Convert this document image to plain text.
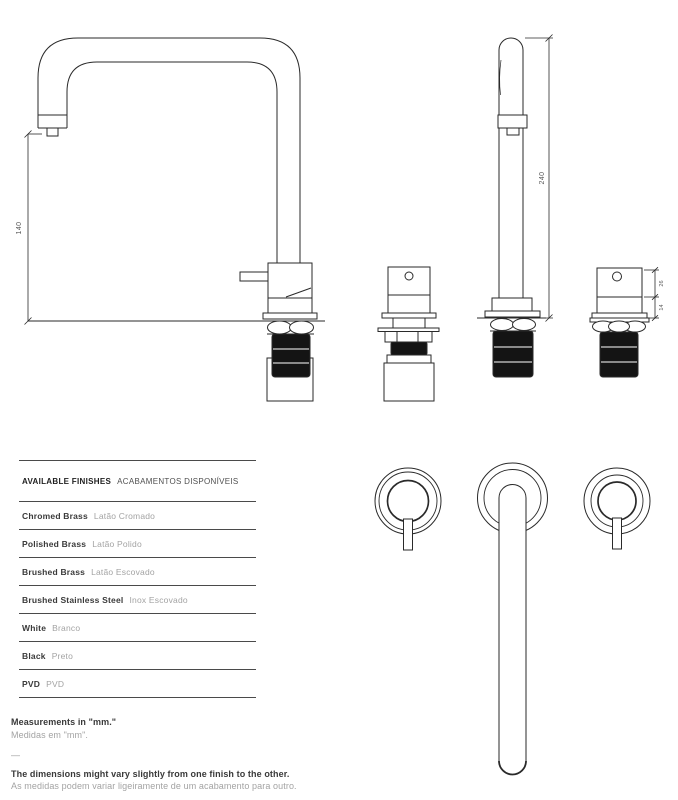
140
240
26
14
AVAILABLE FINISHES ACABAMENTOS DISPONÍVEIS
Chromed Brass Latão Cromado
Polished Brass Latão Polido
Brushed Brass Latão Escovado
Brushed Stainless Steel Inox Escovado
White Branco
Black Preto
PVD PVD

Measurements in "mm."

Medidas em "mm".

—

The dimensions might vary slightly from one finish to the other.

As medidas podem variar ligeiramente de um acabamento para outro.
